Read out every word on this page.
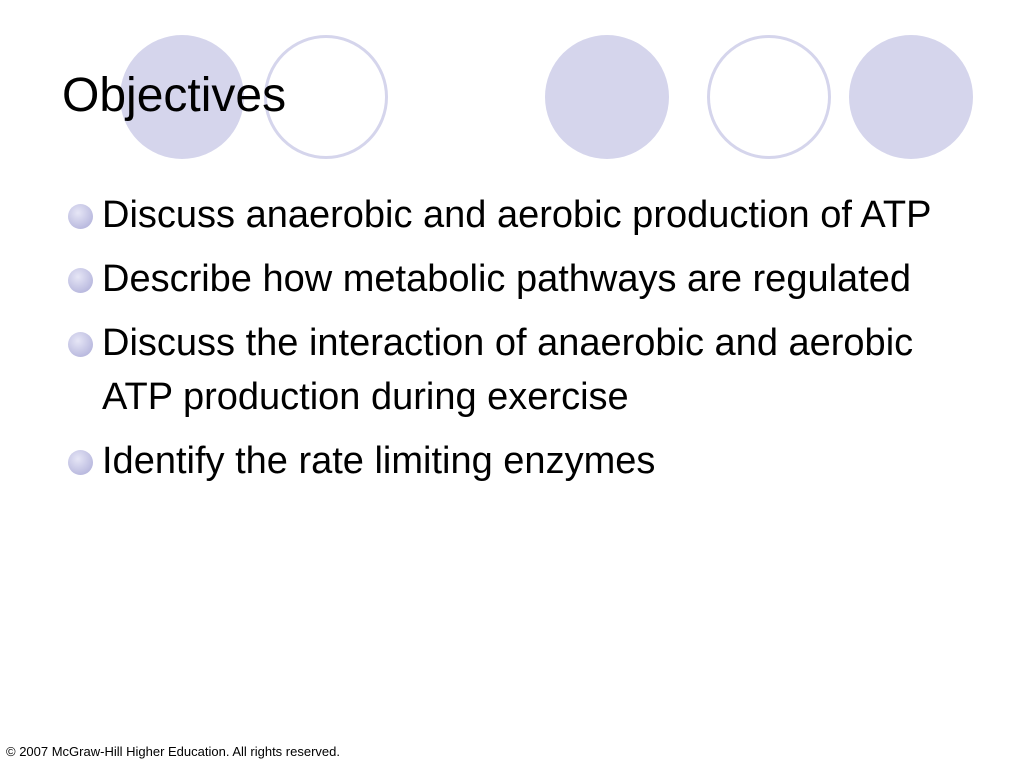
Objectives
Discuss anaerobic and aerobic production of ATP
Describe how metabolic pathways are regulated
Discuss the interaction of anaerobic and aerobic ATP production during exercise
Identify the rate limiting enzymes
© 2007 McGraw-Hill Higher Education. All rights reserved.
